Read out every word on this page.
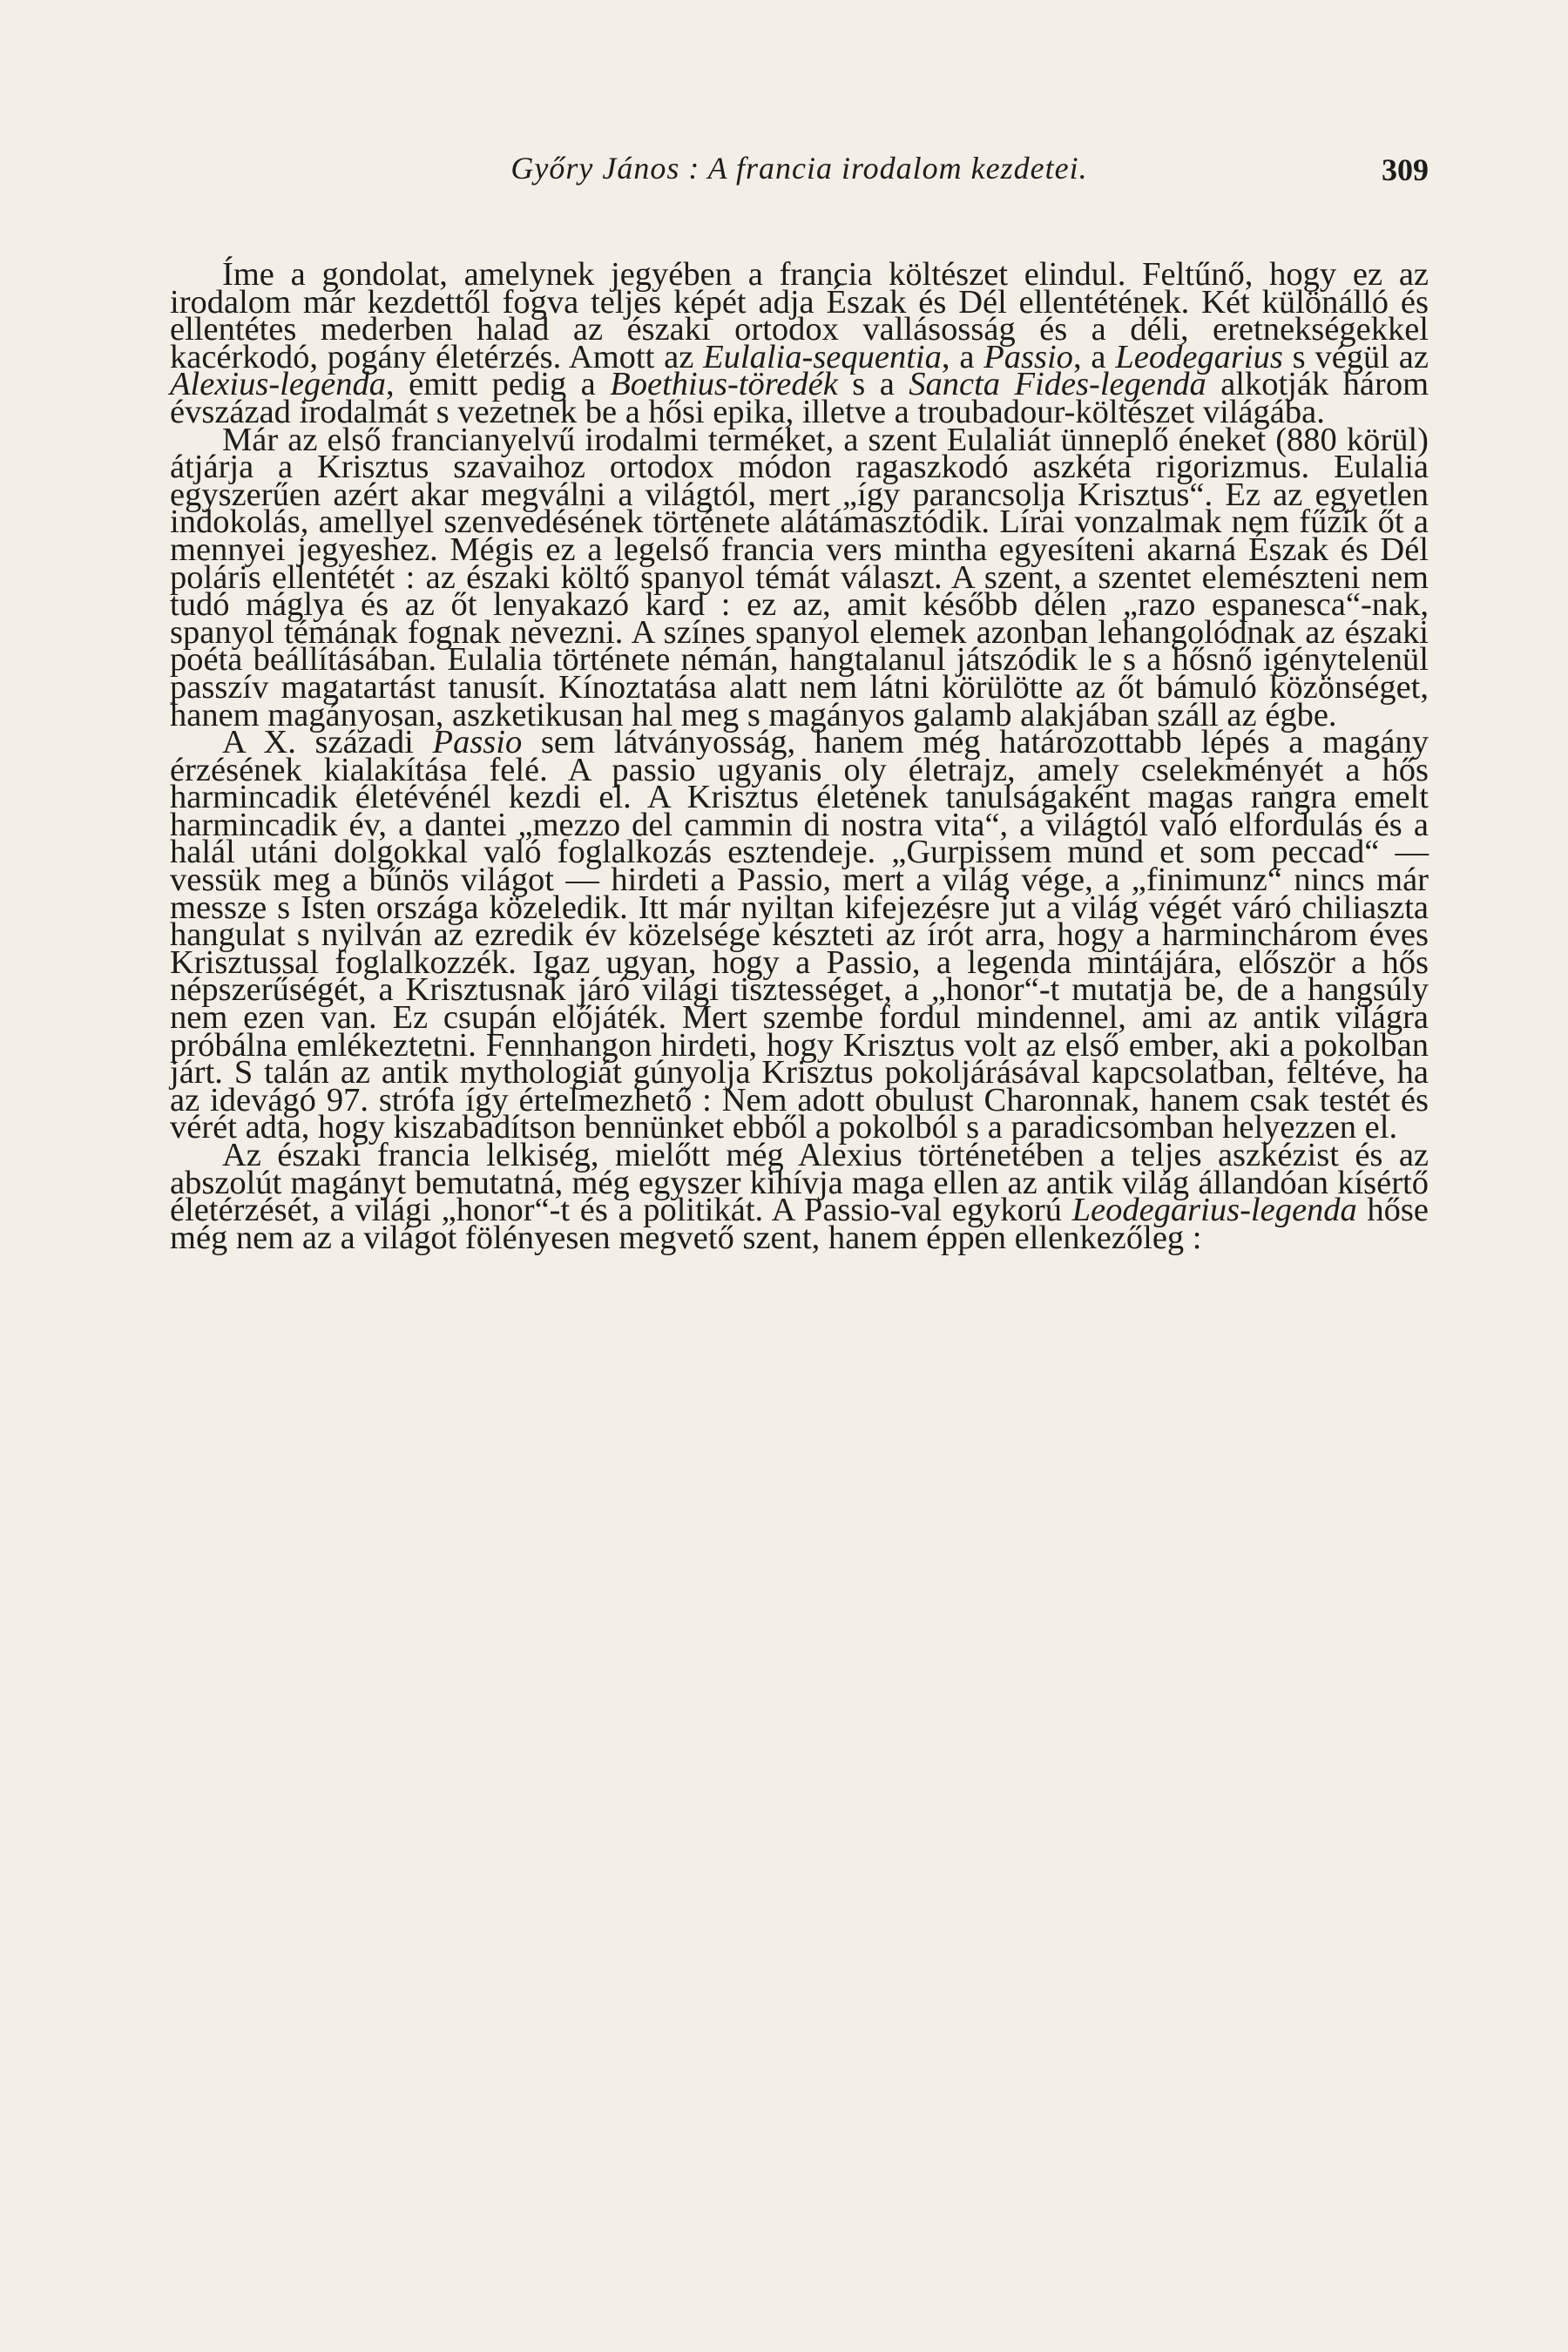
Győry János : A francia irodalom kezdetei.	309

Íme a gondolat, amelynek jegyében a francia költészet elindul. Feltűnő, hogy ez az irodalom már kezdettől fogva teljes képét adja Észak és Dél ellentétének. Két különálló és ellentétes mederben halad az északi ortodox vallásosság és a déli, eretnekségekkel kacérkodó, pogány életérzés. Amott az Eulalia-sequentia, a Passio, a Leodegarius s végül az Alexius-legenda, emitt pedig a Boethius-töredék s a Sancta Fides-legenda alkotják három évszázad irodalmát s vezetnek be a hősi epika, illetve a troubadour-költészet világába.

Már az első francianyelvű irodalmi terméket, a szent Eulaliát ünneplő éneket (880 körül) átjárja a Krisztus szavaihoz ortodox módon ragaszkodó aszkéta rigorizmus. Eulalia egyszerűen azért akar megválni a világtól, mert „így parancsolja Krisztus“. Ez az egyetlen indokolás, amellyel szenvedésének története alátámasztódik. Lírai vonzalmak nem fűzik őt a mennyei jegyeshez. Mégis ez a legelső francia vers mintha egyesíteni akarná Észak és Dél poláris ellentétét : az északi költő spanyol témát választ. A szent, a szentet elemészteni nem tudó máglya és az őt lenyakazó kard : ez az, amit később délen „razo espanesca“-nak, spanyol témának fognak nevezni. A színes spanyol elemek azonban lehangolódnak az északi poéta beállításában. Eulalia története némán, hangtalanul játszódik le s a hősnő igénytelenül passzív magatartást tanusít. Kínoztatása alatt nem látni körülötte az őt bámuló közönséget, hanem magányosan, aszketikusan hal meg s magányos galamb alakjában száll az égbe.

A X. századi Passio sem látványosság, hanem még határozottabb lépés a magány érzésének kialakítása felé. A passio ugyanis oly életrajz, amely cselekményét a hős harmincadik életévénél kezdi el. A Krisztus életének tanulságaként magas rangra emelt harmincadik év, a dantei „mezzo del cammin di nostra vita“, a világtól való elfordulás és a halál utáni dolgokkal való foglalkozás esztendeje. „Gurpissem mund et som peccad“ — vessük meg a bűnös világot — hirdeti a Passio, mert a világ vége, a „finimunz“ nincs már messze s Isten országa közeledik. Itt már nyiltan kifejezésre jut a világ végét váró chiliaszta hangulat s nyilván az ezredik év közelsége készteti az írót arra, hogy a harminchárom éves Krisztussal foglalkozzék. Igaz ugyan, hogy a Passio, a legenda mintájára, először a hős népszerűségét, a Krisztusnak járó világi tisztességet, a „honor“-t mutatja be, de a hangsúly nem ezen van. Ez csupán előjáték. Mert szembe fordul mindennel, ami az antik világra próbálna emlékeztetni. Fennhangon hirdeti, hogy Krisztus volt az első ember, aki a pokolban járt. S talán az antik mythologiát gúnyolja Krisztus pokoljárásával kapcsolatban, feltéve, ha az idevágó 97. strófa így értelmezhető : Nem adott obulust Charonnak, hanem csak testét és vérét adta, hogy kiszabadítson bennünket ebből a pokolból s a paradicsomban helyezzen el.

Az északi francia lelkiség, mielőtt még Alexius történetében a teljes aszkézist és az abszolút magányt bemutatná, még egyszer kihívja maga ellen az antik világ állandóan kísértő életérzését, a világi „honor“-t és a politikát. A Passio-val egykorú Leodegarius-legenda hőse még nem az a világot fölényesen megvető szent, hanem éppen ellenkezőleg :
